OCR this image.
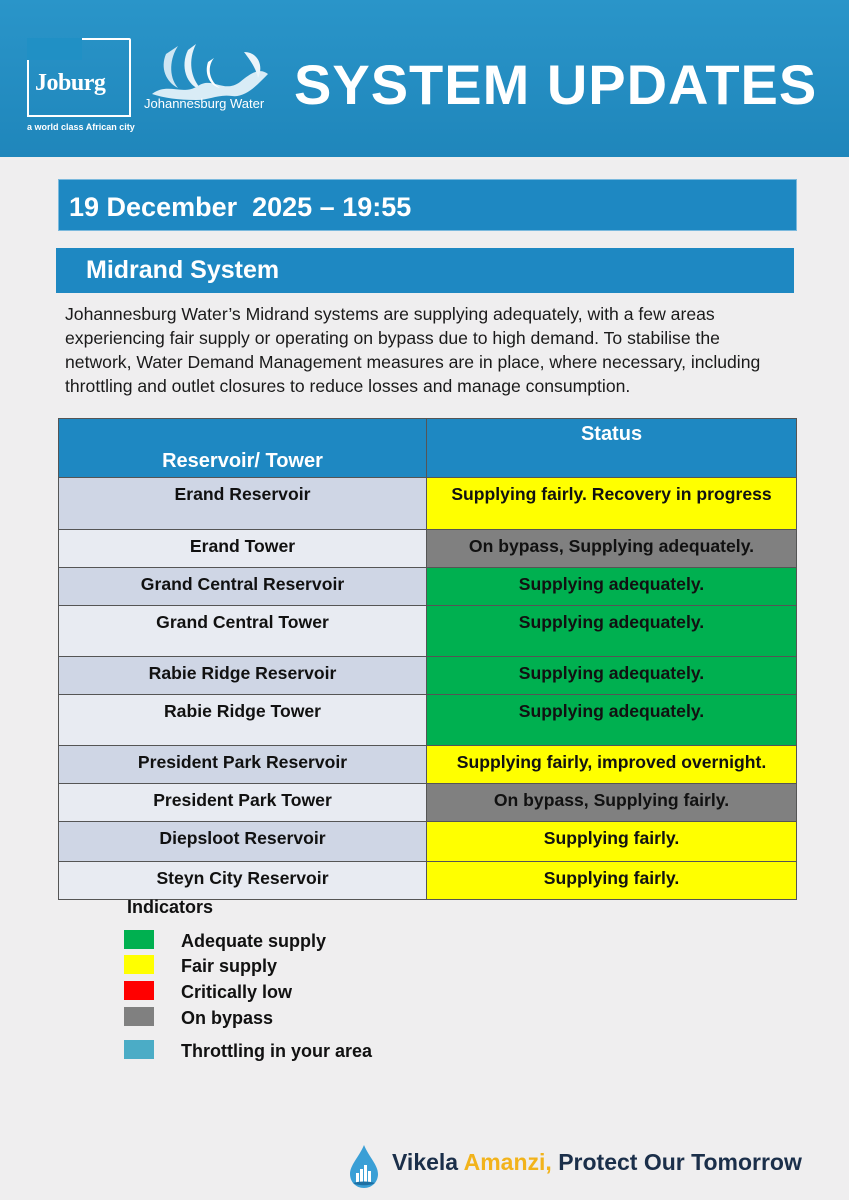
Joburg
a world class African city
Johannesburg Water SYSTEM UPDATES
19 December  2025 – 19:55
Midrand System
Johannesburg Water’s Midrand systems are supplying adequately, with a few areas experiencing fair supply or operating on bypass due to high demand. To stabilise the network, Water Demand Management measures are in place, where necessary, including throttling and outlet closures to reduce losses and manage consumption.
Reservoir/ Tower	Status
Erand Reservoir	Supplying fairly. Recovery in progress
Erand Tower	On bypass, Supplying adequately.
Grand Central Reservoir	Supplying adequately.
Grand Central Tower	Supplying adequately.
Rabie Ridge Reservoir	Supplying adequately.
Rabie Ridge Tower	Supplying adequately.
President Park Reservoir	Supplying fairly, improved overnight.
President Park Tower	On bypass, Supplying fairly.
Diepsloot Reservoir	Supplying fairly.
Steyn City Reservoir	Supplying fairly.
Indicators
Adequate supply
Fair supply
Critically low
On bypass
Throttling in your area
Vikela Amanzi, Protect Our Tomorrow
